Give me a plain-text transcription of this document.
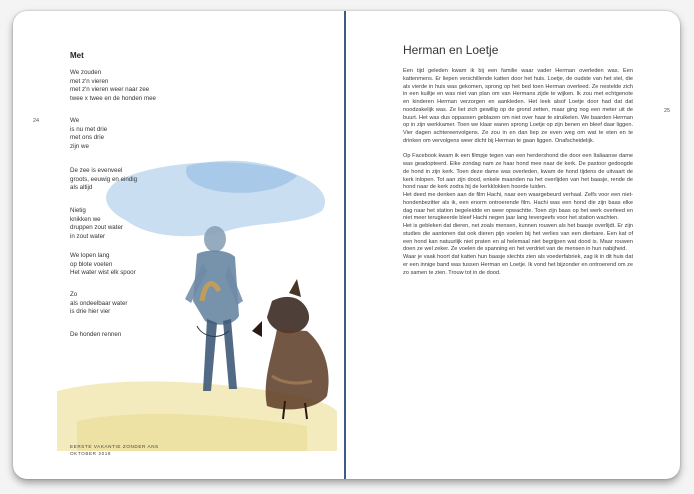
24
Met
We zouden
met z'n vieren
met z'n vieren weer naar zee
twee x twee en de honden mee
We
is nu met drie
met ons drie
zijn we
De zee is evenveel
groots, eeuwig en eindig
als altijd
Nietig
knikken we
druppen zout water
in zout water
We lopen lang
op blote voeten
Het water wist elk spoor
Zo
als ondeelbaar water
is drie hier vier
De honden rennen
EERSTE VAKANTIE ZONDER ANS
OKTOBER 2018
25
Herman en Loetje

Een tijd geleden kwam ik bij een familie waar vader Herman overleden was. Een kattenmens. Er liepen verschillende katten door het huis. Loetje, de oudste van het stel, die als vierde in huis was gekomen, sprong op het bed toen Herman overleed. Ze nestelde zich in een kuiltje en was niet van plan om van Hermans zijde te wijken. Ik zou met echtgenote en kinderen Herman verzorgen en aankleden. Het leek alsof Loetje door had dat dat noodzakelijk was. Ze liet zich gewillig op de grond zetten, maar ging nog een meter uit de buurt. Het was dus oppassen geblazen om niet over haar te struikelen. We baarden Herman op in zijn werkkamer. Toen we klaar waren sprong Loetje op zijn benen en bleef daar liggen. Vier dagen achtereenvolgens. Ze zou in en dan liep ze even weg om wat te eten en te drinken om vervolgens weer dicht bij Herman te gaan liggen. Onafscheidelijk.

Op Facebook kwam ik een filmpje tegen van een herdershond die door een Italiaanse dame was geadopteerd. Elke zondag nam ze haar hond mee naar de kerk. De pastoor gedoogde de hond in zijn kerk. Toen deze dame was overleden, kwam de hond tijdens de uitvaart de kerk inlopen. Tot aan zijn dood, enkele maanden na het overlijden van het baasje, rende de hond naar de kerk zodra hij de kerkklokken hoorde luiden.

Het deed me denken aan de film Hachi, naar een waargebeurd verhaal. Zelfs voor een niet-hondenbezitter als ik, een enorm ontroerende film. Hachi was een hond die zijn baas elke dag naar het station begeleidde en weer opwachtte. Toen zijn baas op het werk overleed en niet meer terugkeerde bleef Hachi negen jaar lang tevergeefs voor het station wachten.

Het is gebleken dat dieren, net zoals mensen, kunnen rouwen als het baasje overlijdt. Er zijn studies die aantonen dat ook dieren pijn voelen bij het verlies van een dierbare. Een kat of een hond kan natuurlijk niet praten en al helemaal niet begrijpen wat dood is. Maar rouwen doen ze wel zeker. Ze voelen de spanning en het verdriet van de mensen in hun nabijheid.

Waar je vaak hoort dat katten hun baasje slechts zien als voederfabriek, zag ik in dit huis dat er een innige band was tussen Herman en Loetje. Ik vond het bijzonder en ontroerend om ze zo samen te zien. Trouw tot in de dood.
